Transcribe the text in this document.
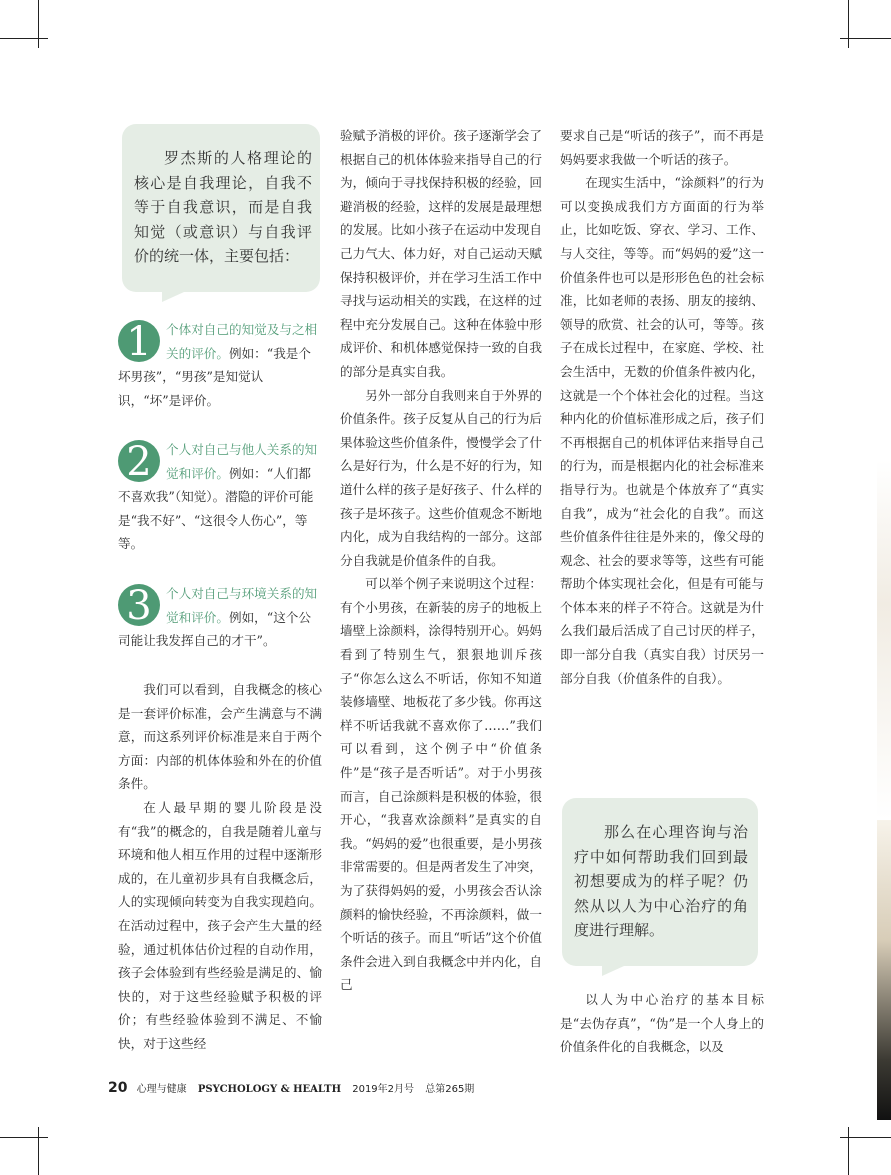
罗杰斯的人格理论的核心是自我理论，自我不等于自我意识，而是自我知觉（或意识）与自我评价的统一体，主要包括：

1	个体对自己的知觉及与之相关的评价。例如：“我是个坏男孩”，“男孩”是知觉认识，“坏”是评价。
2	个人对自己与他人关系的知觉和评价。例如：“人们都不喜欢我”（知觉）。潜隐的评价可能是“我不好”、“这很令人伤心”，等等。
3	个人对自己与环境关系的知觉和评价。例如，“这个公司能让我发挥自己的才干”。

我们可以看到，自我概念的核心是一套评价标准，会产生满意与不满意，而这系列评价标准是来自于两个方面：内部的机体体验和外在的价值条件。

在人最早期的婴儿阶段是没有“我”的概念的，自我是随着儿童与环境和他人相互作用的过程中逐渐形成的，在儿童初步具有自我概念后，人的实现倾向转变为自我实现趋向。在活动过程中，孩子会产生大量的经验，通过机体估价过程的自动作用，孩子会体验到有些经验是满足的、愉快的，对于这些经验赋予积极的评价；有些经验体验到不满足、不愉快，对于这些经

验赋予消极的评价。孩子逐渐学会了根据自己的机体体验来指导自己的行为，倾向于寻找保持积极的经验，回避消极的经验，这样的发展是最理想的发展。比如小孩子在运动中发现自己力气大、体力好，对自己运动天赋保持积极评价，并在学习生活工作中寻找与运动相关的实践，在这样的过程中充分发展自己。这种在体验中形成评价、和机体感觉保持一致的自我的部分是真实自我。

另外一部分自我则来自于外界的价值条件。孩子反复从自己的行为后果体验这些价值条件，慢慢学会了什么是好行为，什么是不好的行为，知道什么样的孩子是好孩子、什么样的孩子是坏孩子。这些价值观念不断地内化，成为自我结构的一部分。这部分自我就是价值条件的自我。

可以举个例子来说明这个过程：有个小男孩，在新装的房子的地板上墙壁上涂颜料，涂得特别开心。妈妈看到了特别生气，狠狠地训斥孩子“你怎么这么不听话，你知不知道装修墙壁、地板花了多少钱。你再这样不听话我就不喜欢你了……”我们可以看到，这个例子中“价值条件”是“孩子是否听话”。对于小男孩而言，自己涂颜料是积极的体验，很开心，“我喜欢涂颜料”是真实的自我。“妈妈的爱”也很重要，是小男孩非常需要的。但是两者发生了冲突，为了获得妈妈的爱，小男孩会否认涂颜料的愉快经验，不再涂颜料，做一个听话的孩子。而且“听话”这个价值条件会进入到自我概念中并内化，自己

要求自己是“听话的孩子”，而不再是妈妈要求我做一个听话的孩子。

在现实生活中，“涂颜料”的行为可以变换成我们方方面面的行为举止，比如吃饭、穿衣、学习、工作、与人交往，等等。而“妈妈的爱”这一价值条件也可以是形形色色的社会标准，比如老师的表扬、朋友的接纳、领导的欣赏、社会的认可，等等。孩子在成长过程中，在家庭、学校、社会生活中，无数的价值条件被内化，这就是一个个体社会化的过程。当这种内化的价值标准形成之后，孩子们不再根据自己的机体评估来指导自己的行为，而是根据内化的社会标准来指导行为。也就是个体放弃了“真实自我”，成为“社会化的自我”。而这些价值条件往往是外来的，像父母的观念、社会的要求等等，这些有可能帮助个体实现社会化，但是有可能与个体本来的样子不符合。这就是为什么我们最后活成了自己讨厌的样子，即一部分自我（真实自我）讨厌另一部分自我（价值条件的自我）。

那么在心理咨询与治疗中如何帮助我们回到最初想要成为的样子呢？仍然从以人为中心治疗的角度进行理解。

以人为中心治疗的基本目标是“去伪存真”，“伪”是一个人身上的价值条件化的自我概念，以及

20 心理与健康 PSYCHOLOGY & HEALTH 2019年2月号 总第265期
